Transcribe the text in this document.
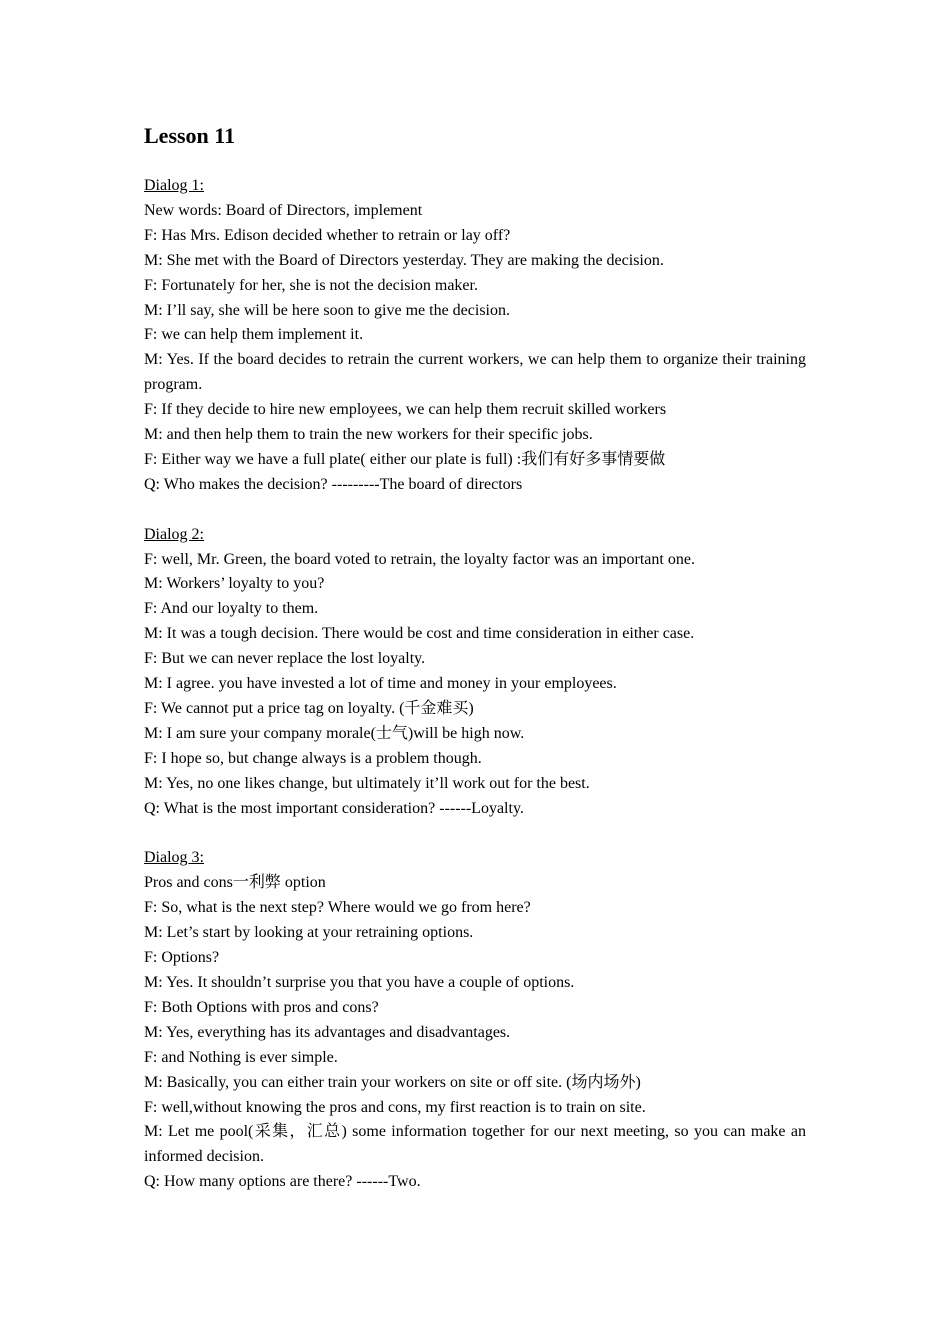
Lesson 11
Dialog 1:
New words: Board of Directors, implement
F: Has Mrs. Edison decided whether to retrain or lay off?
M: She met with the Board of Directors yesterday. They are making the decision.
F: Fortunately for her, she is not the decision maker.
M: I’ll say, she will be here soon to give me the decision.
F: we can help them implement it.
M: Yes. If the board decides to retrain the current workers, we can help them to organize their training program.
F: If they decide to hire new employees, we can help them recruit skilled workers
M: and then help them to train the new workers for their specific jobs.
F: Either way we have a full plate( either our plate is full) :我们有好多事情要做
Q: Who makes the decision? ---------The board of directors
Dialog 2:
F: well, Mr. Green, the board voted to retrain, the loyalty factor was an important one.
M: Workers’ loyalty to you?
F: And our loyalty to them.
M: It was a tough decision. There would be cost and time consideration in either case.
F: But we can never replace the lost loyalty.
M: I agree. you have invested a lot of time and money in your employees.
F: We cannot put a price tag on loyalty. (千金难买)
M: I am sure your company morale(士气)will be high now.
F: I hope so, but change always is a problem though.
M: Yes, no one likes change, but ultimately it’ll work out for the best.
Q: What is the most important consideration? ------Loyalty.
Dialog 3:
Pros and cons一利弊 option
F: So, what is the next step? Where would we go from here?
M: Let’s start by looking at your retraining options.
F: Options?
M: Yes. It shouldn’t surprise you that you have a couple of options.
F: Both Options with pros and cons?
M: Yes, everything has its advantages and disadvantages.
F: and Nothing is ever simple.
M: Basically, you can either train your workers on site or off site. (场内场外)
F: well,without knowing the pros and cons, my first reaction is to train on site.
M: Let me pool(采集，汇总) some information together for our next meeting, so you can make an informed decision.
Q: How many options are there? ------Two.
